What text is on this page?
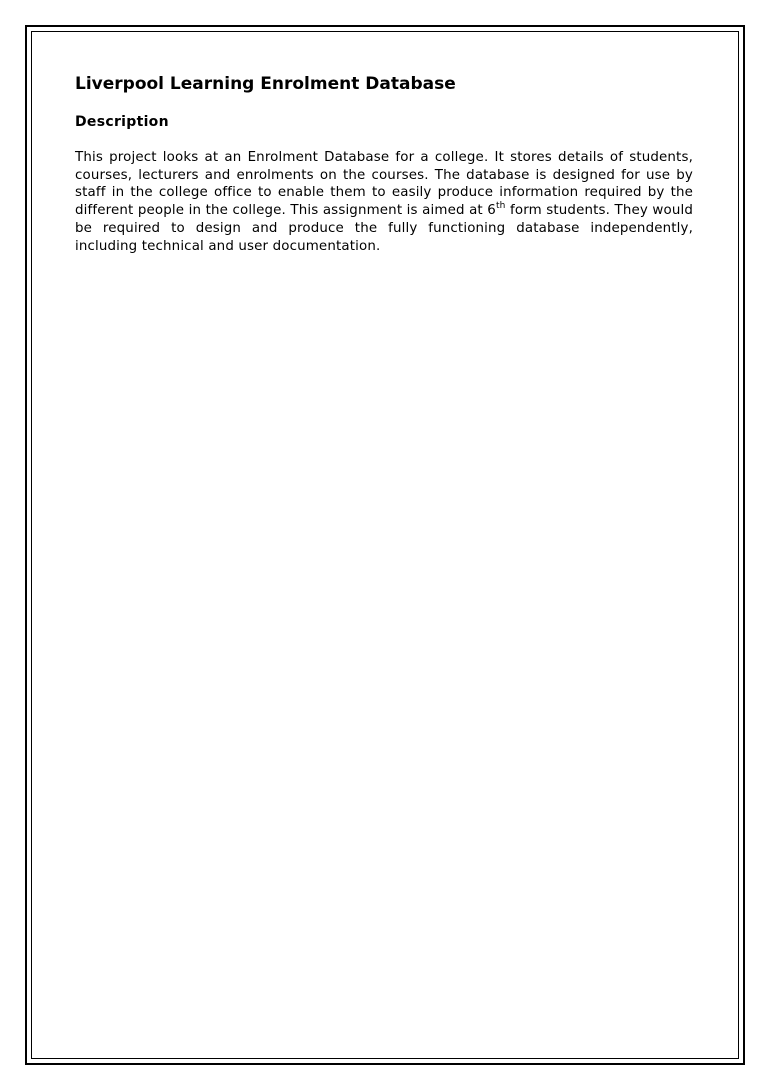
Liverpool Learning Enrolment Database
Description

This project looks at an Enrolment Database for a college. It stores details of students, courses, lecturers and enrolments on the courses. The database is designed for use by staff in the college office to enable them to easily produce information required by the different people in the college. This assignment is aimed at 6th form students. They would be required to design and produce the fully functioning database independently, including technical and user documentation.
